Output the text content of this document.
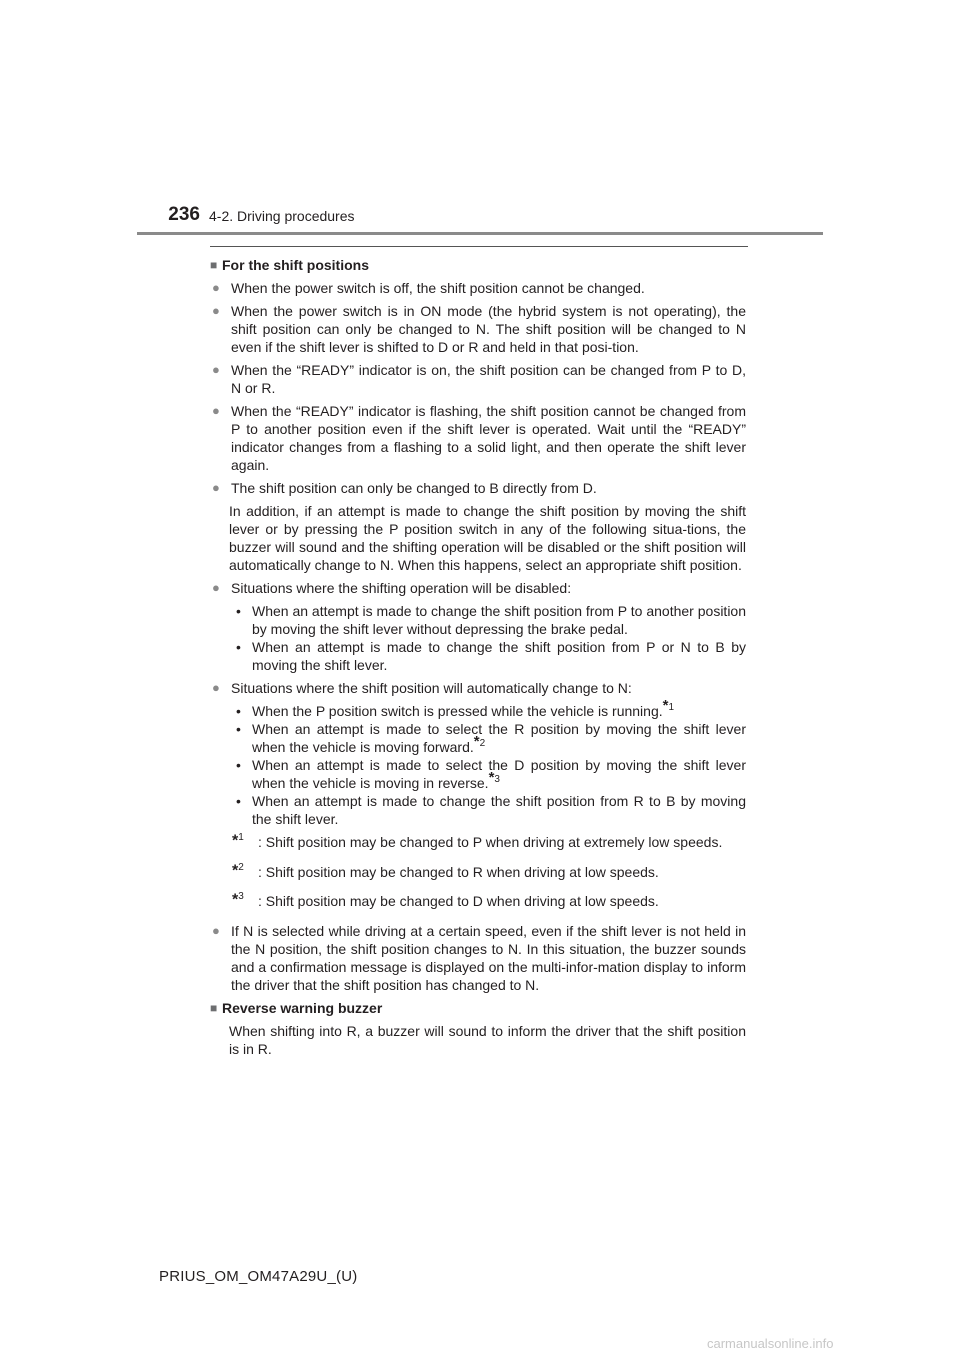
236 4-2. Driving procedures
■ For the shift positions
● When the power switch is off, the shift position cannot be changed.
● When the power switch is in ON mode (the hybrid system is not operating), the shift position can only be changed to N. The shift position will be changed to N even if the shift lever is shifted to D or R and held in that posi-tion.
● When the “READY” indicator is on, the shift position can be changed from P to D, N or R.
● When the “READY” indicator is flashing, the shift position cannot be changed from P to another position even if the shift lever is operated. Wait until the “READY” indicator changes from a flashing to a solid light, and then operate the shift lever again.
● The shift position can only be changed to B directly from D.
In addition, if an attempt is made to change the shift position by moving the shift lever or by pressing the P position switch in any of the following situa-tions, the buzzer will sound and the shifting operation will be disabled or the shift position will automatically change to N. When this happens, select an appropriate shift position.
● Situations where the shifting operation will be disabled:
• When an attempt is made to change the shift position from P to another position by moving the shift lever without depressing the brake pedal.
• When an attempt is made to change the shift position from P or N to B by moving the shift lever.
● Situations where the shift position will automatically change to N:
• When the P position switch is pressed while the vehicle is running.$^{*1}$
• When an attempt is made to select the R position by moving the shift lever when the vehicle is moving forward.$^{*2}$
• When an attempt is made to select the D position by moving the shift lever when the vehicle is moving in reverse.$^{*3}$
• When an attempt is made to change the shift position from R to B by moving the shift lever.
*$^1$	: Shift position may be changed to P when driving at extremely low speeds.
*$^2$	: Shift position may be changed to R when driving at low speeds.
*$^3$	: Shift position may be changed to D when driving at low speeds.
● If N is selected while driving at a certain speed, even if the shift lever is not held in the N position, the shift position changes to N. In this situation, the buzzer sounds and a confirmation message is displayed on the multi-infor-mation display to inform the driver that the shift position has changed to N.
■ Reverse warning buzzer
When shifting into R, a buzzer will sound to inform the driver that the shift position is in R.
PRIUS_OM_OM47A29U_(U)
carmanualsonline.info
